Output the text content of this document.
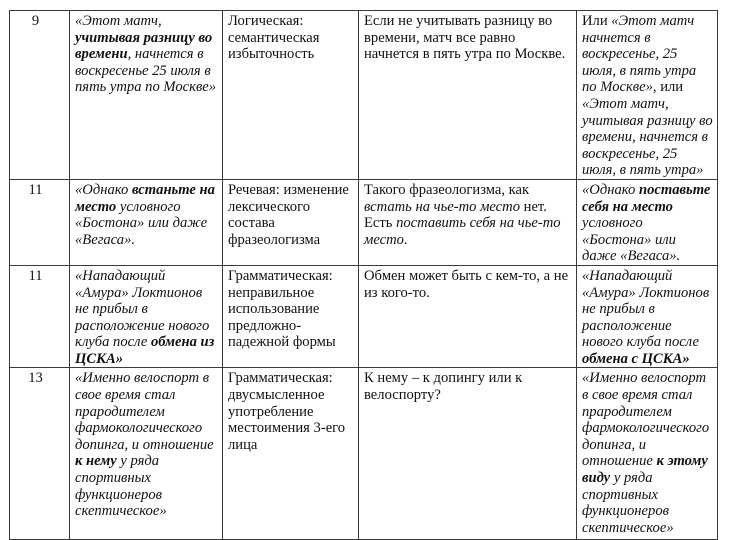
9	«Этот матч, учитывая разницу во времени, начнется в воскресенье 25 июля в пять утра по Москве»	Логическая: семантическая избыточность	Если не учитывать разницу во времени, матч все равно начнется в пять утра по Москве.	Или «Этот матч начнется в воскресенье, 25 июля, в пять утра по Москве», или «Этот матч, учитывая разницу во времени, начнется в воскресенье, 25 июля, в пять утра»
11	«Однако встаньте на место условного «Бостона» или даже «Вегаса».	Речевая: изменение лексического состава фразеологизма	Такого фразеологизма, как встать на чье-то место нет. Есть поставить себя на чье-то место.	«Однако поставьте себя на место условного «Бостона» или даже «Вегаса».
11	«Нападающий «Амура» Локтионов не прибыл в расположение нового клуба после обмена из ЦСКА»	Грамматическая: неправильное использование предложно-падежной формы	Обмен может быть с кем-то, а не из кого-то.	«Нападающий «Амура» Локтионов не прибыл в расположение нового клуба после обмена с ЦСКА»
13	«Именно велоспорт в свое время стал прародителем фармокологического допинга, и отношение к нему у ряда спортивных функционеров скептическое»	Грамматическая: двусмысленное употребление местоимения 3-его лица	К нему – к допингу или к велоспорту?	«Именно велоспорт в свое время стал прародителем фармокологического допинга, и отношение к этому виду у ряда спортивных функционеров скептическое»
